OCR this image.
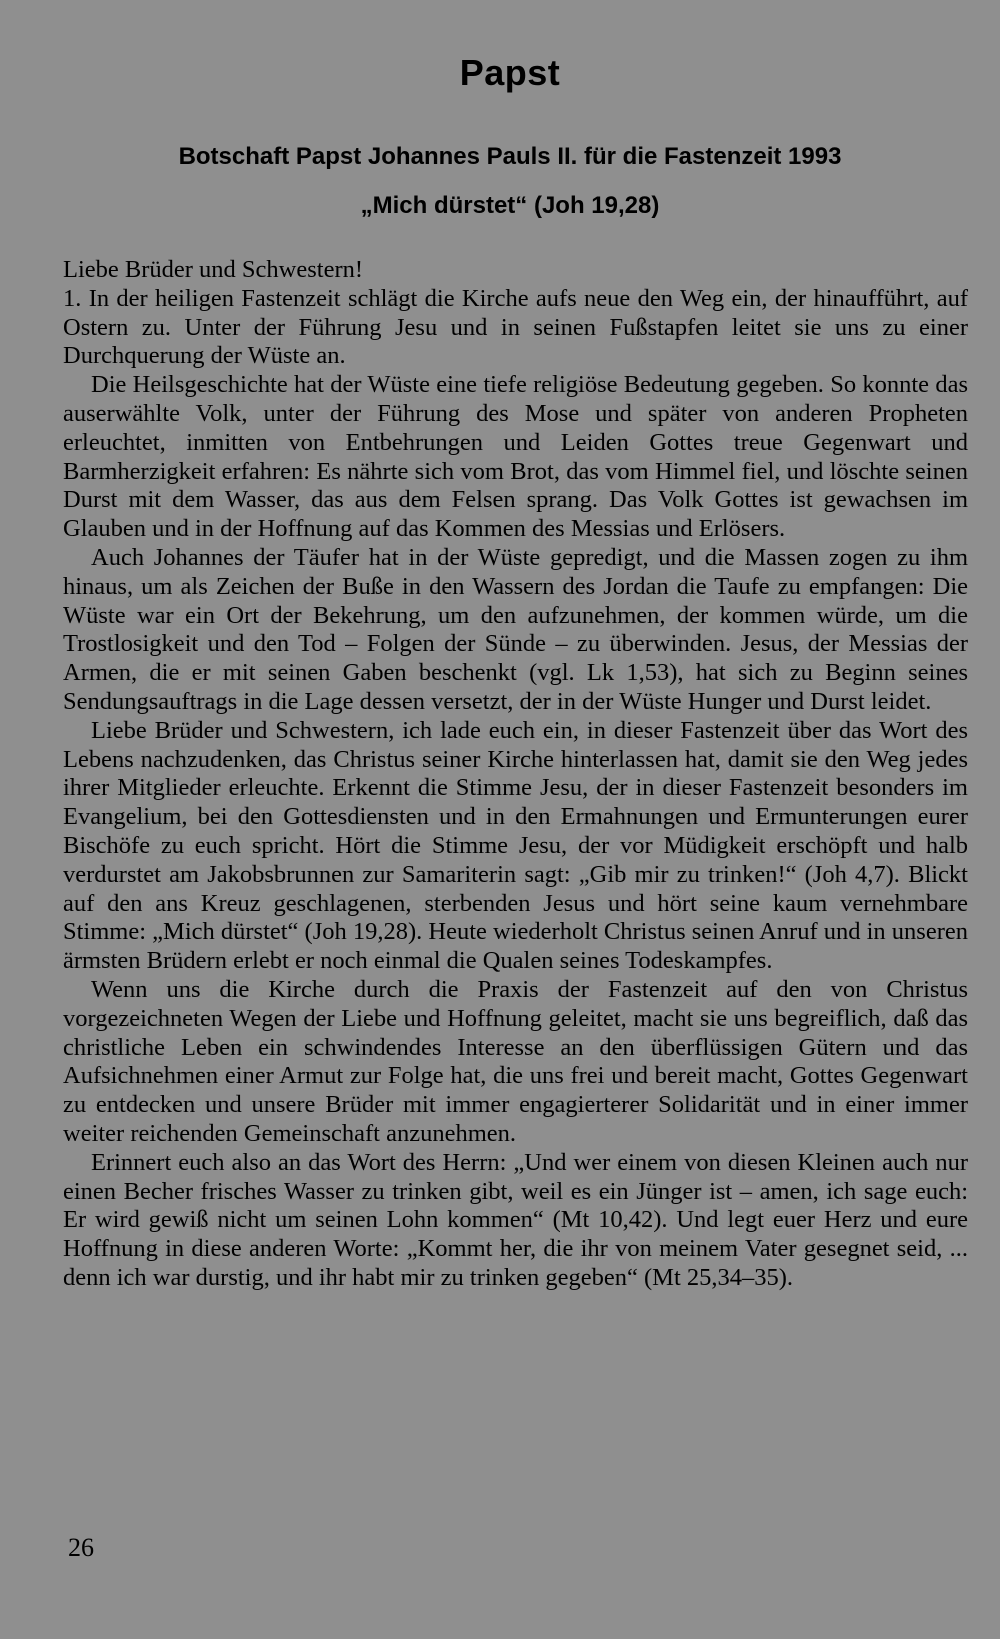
Papst
Botschaft Papst Johannes Pauls II. für die Fastenzeit 1993
„Mich dürstet“ (Joh 19,28)

Liebe Brüder und Schwestern!

1. In der heiligen Fastenzeit schlägt die Kirche aufs neue den Weg ein, der hinaufführt, auf Ostern zu. Unter der Führung Jesu und in seinen Fußstapfen leitet sie uns zu einer Durchquerung der Wüste an.

Die Heilsgeschichte hat der Wüste eine tiefe religiöse Bedeutung gegeben. So konnte das auserwählte Volk, unter der Führung des Mose und später von anderen Propheten erleuchtet, inmitten von Entbehrungen und Leiden Gottes treue Gegenwart und Barmherzigkeit erfahren: Es nährte sich vom Brot, das vom Himmel fiel, und löschte seinen Durst mit dem Wasser, das aus dem Felsen sprang. Das Volk Gottes ist gewachsen im Glauben und in der Hoffnung auf das Kommen des Messias und Erlösers.

Auch Johannes der Täufer hat in der Wüste gepredigt, und die Massen zogen zu ihm hinaus, um als Zeichen der Buße in den Wassern des Jordan die Taufe zu empfangen: Die Wüste war ein Ort der Bekehrung, um den aufzunehmen, der kommen würde, um die Trostlosigkeit und den Tod – Folgen der Sünde – zu überwinden. Jesus, der Messias der Armen, die er mit seinen Gaben beschenkt (vgl. Lk 1,53), hat sich zu Beginn seines Sendungsauftrags in die Lage dessen versetzt, der in der Wüste Hunger und Durst leidet.

Liebe Brüder und Schwestern, ich lade euch ein, in dieser Fastenzeit über das Wort des Lebens nachzudenken, das Christus seiner Kirche hinterlassen hat, damit sie den Weg jedes ihrer Mitglieder erleuchte. Erkennt die Stimme Jesu, der in dieser Fastenzeit besonders im Evangelium, bei den Gottesdiensten und in den Ermahnungen und Ermunterungen eurer Bischöfe zu euch spricht. Hört die Stimme Jesu, der vor Müdigkeit erschöpft und halb verdurstet am Jakobsbrunnen zur Samariterin sagt: „Gib mir zu trinken!“ (Joh 4,7). Blickt auf den ans Kreuz geschlagenen, sterbenden Jesus und hört seine kaum vernehmbare Stimme: „Mich dürstet“ (Joh 19,28). Heute wiederholt Christus seinen Anruf und in unseren ärmsten Brüdern erlebt er noch einmal die Qualen seines Todeskampfes.

Wenn uns die Kirche durch die Praxis der Fastenzeit auf den von Christus vorgezeichneten Wegen der Liebe und Hoffnung geleitet, macht sie uns begreiflich, daß das christliche Leben ein schwindendes Interesse an den überflüssigen Gütern und das Aufsichnehmen einer Armut zur Folge hat, die uns frei und bereit macht, Gottes Gegenwart zu entdecken und unsere Brüder mit immer engagierterer Solidarität und in einer immer weiter reichenden Gemeinschaft anzunehmen.

Erinnert euch also an das Wort des Herrn: „Und wer einem von diesen Kleinen auch nur einen Becher frisches Wasser zu trinken gibt, weil es ein Jünger ist – amen, ich sage euch: Er wird gewiß nicht um seinen Lohn kommen“ (Mt 10,42). Und legt euer Herz und eure Hoffnung in diese anderen Worte: „Kommt her, die ihr von meinem Vater gesegnet seid, ... denn ich war durstig, und ihr habt mir zu trinken gegeben“ (Mt 25,34–35).

26
